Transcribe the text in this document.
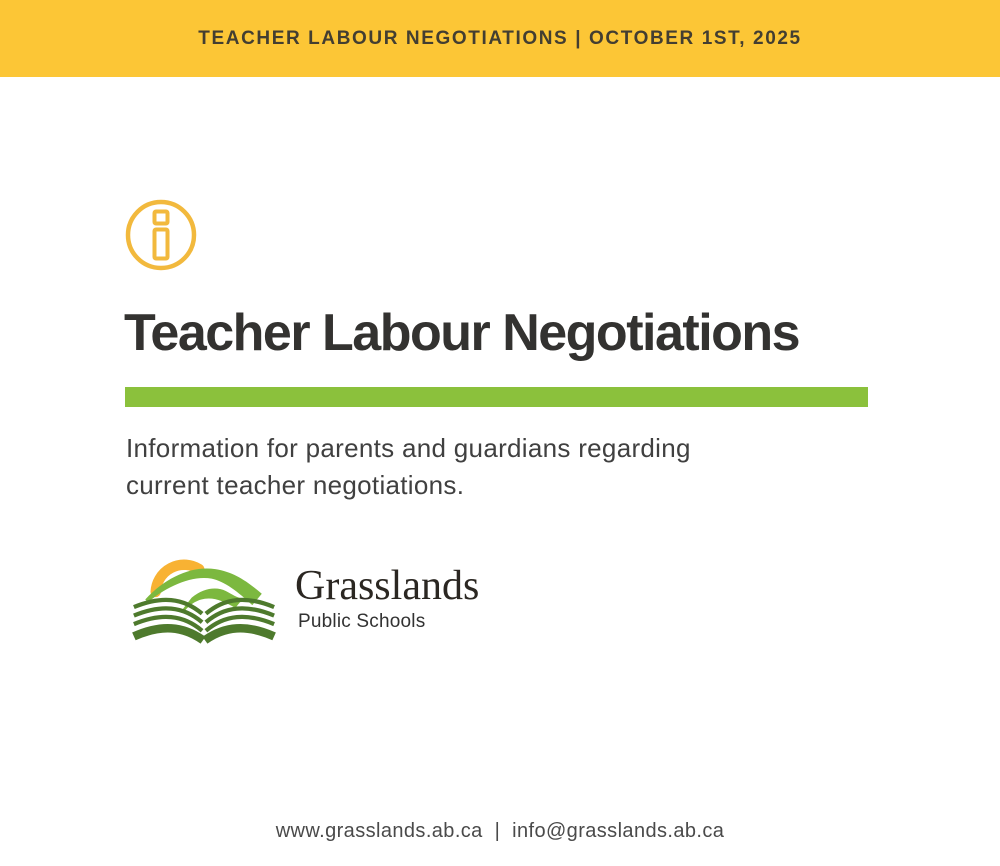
TEACHER LABOUR NEGOTIATIONS | OCTOBER 1ST, 2025
Teacher Labour Negotiations
Information for parents and guardians regarding
current teacher negotiations.
Grasslands
Public Schools
www.grasslands.ab.ca  |  info@grasslands.ab.ca
